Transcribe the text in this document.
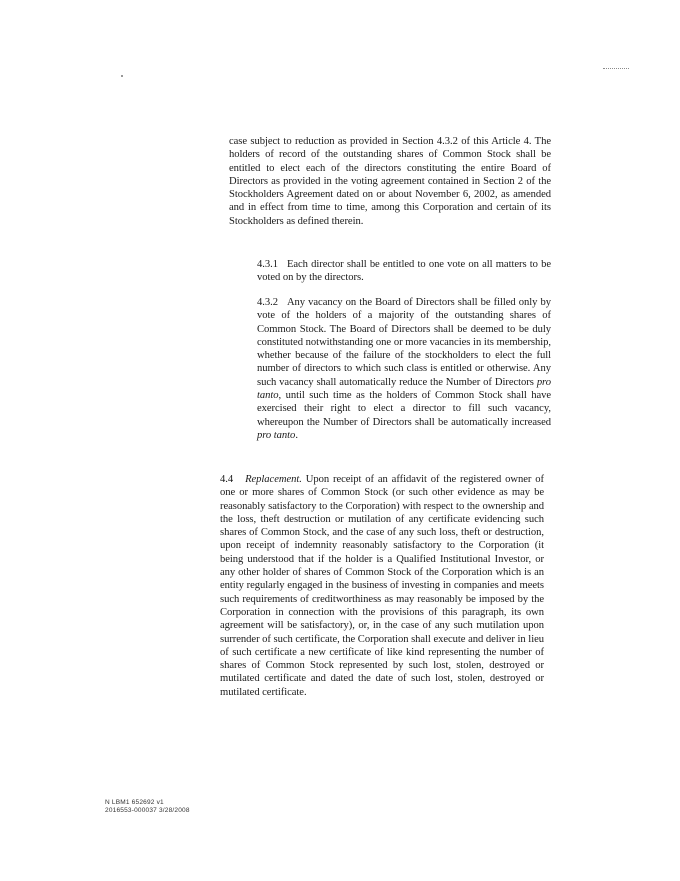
case subject to reduction as provided in Section 4.3.2 of this Article 4. The holders of record of the outstanding shares of Common Stock shall be entitled to elect each of the directors constituting the entire Board of Directors as provided in the voting agreement contained in Section 2 of the Stockholders Agreement dated on or about November 6, 2002, as amended and in effect from time to time, among this Corporation and certain of its Stockholders as defined therein.

4.3.1 Each director shall be entitled to one vote on all matters to be voted on by the directors.

4.3.2 Any vacancy on the Board of Directors shall be filled only by vote of the holders of a majority of the outstanding shares of Common Stock. The Board of Directors shall be deemed to be duly constituted notwithstanding one or more vacancies in its membership, whether because of the failure of the stockholders to elect the full number of directors to which such class is entitled or otherwise. Any such vacancy shall automatically reduce the Number of Directors pro tanto, until such time as the holders of Common Stock shall have exercised their right to elect a director to fill such vacancy, whereupon the Number of Directors shall be automatically increased pro tanto.

4.4 Replacement. Upon receipt of an affidavit of the registered owner of one or more shares of Common Stock (or such other evidence as may be reasonably satisfactory to the Corporation) with respect to the ownership and the loss, theft destruction or mutilation of any certificate evidencing such shares of Common Stock, and the case of any such loss, theft or destruction, upon receipt of indemnity reasonably satisfactory to the Corporation (it being understood that if the holder is a Qualified Institutional Investor, or any other holder of shares of Common Stock of the Corporation which is an entity regularly engaged in the business of investing in companies and meets such requirements of creditworthiness as may reasonably be imposed by the Corporation in connection with the provisions of this paragraph, its own agreement will be satisfactory), or, in the case of any such mutilation upon surrender of such certificate, the Corporation shall execute and deliver in lieu of such certificate a new certificate of like kind representing the number of shares of Common Stock represented by such lost, stolen, destroyed or mutilated certificate and dated the date of such lost, stolen, destroyed or mutilated certificate.

N LBM1 652692 v1
2016553-000037 3/28/2008
